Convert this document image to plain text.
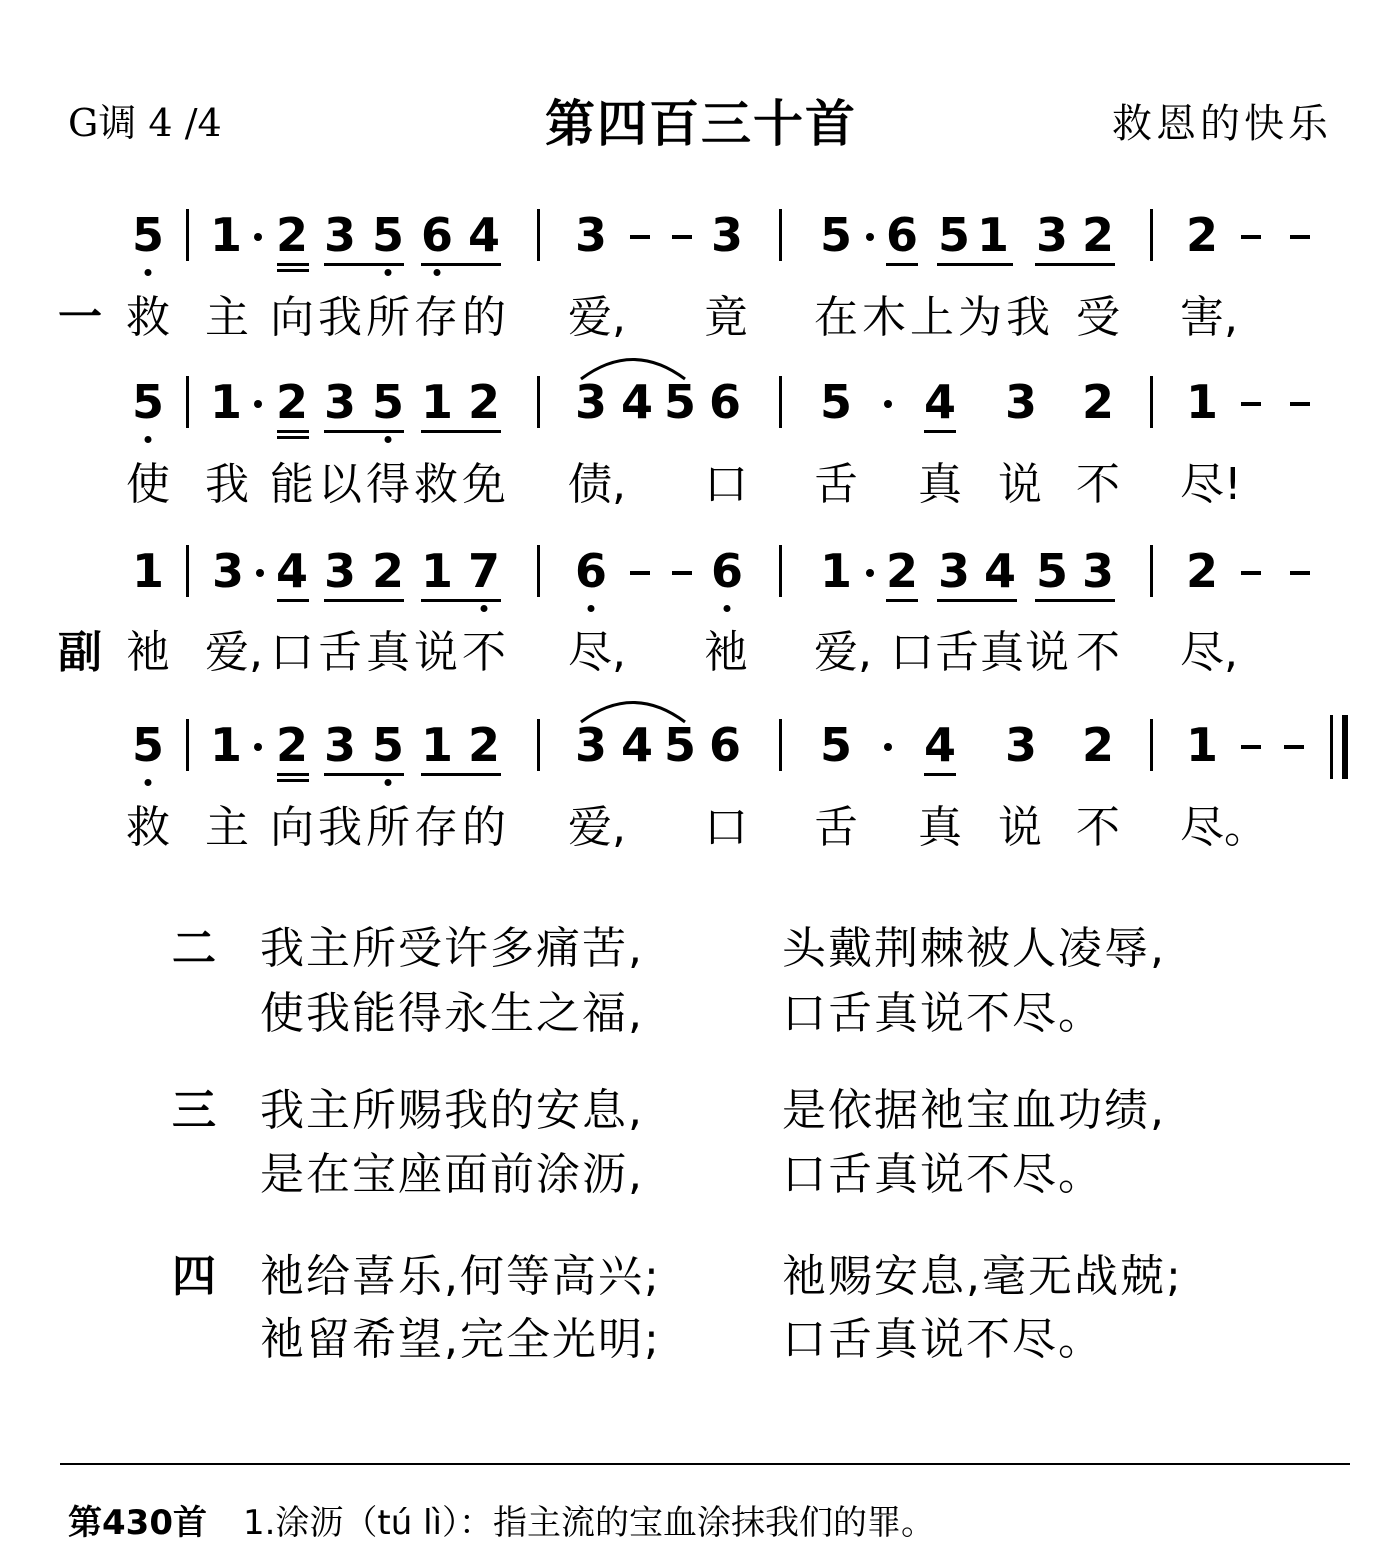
G调 4 /4	第四百三十首	救恩的快乐
5 1 2 3 5 6 4 3 3 5 6 5 1 3 2 2
一 救 主 向 我 所 存 的 爱, 竟 在 木 上 为 我 受 害,
5 1 2 3 5 1 2 3 4 5 6 5 4 3 2 1
使 我 能 以 得 救 免 债, 口 舌 真 说 不 尽!
1 3 4 3 2 1 7 6 6 1 2 3 4 5 3 2
副 衪 爱, 口 舌 真 说 不 尽, 衪 爱, 口 舌 真 说 不 尽,
5 1 2 3 5 1 2 3 4 5 6 5 4 3 2 1
救 主 向 我 所 存 的 爱, 口 舌 真 说 不 尽。
二 我主所受许多痛苦,	头戴荆棘被人凌辱,
使我能得永生之福,	口舌真说不尽。
三 我主所赐我的安息,	是依据衪宝血功绩,
是在宝座面前涂沥,	口舌真说不尽。
四 衪给喜乐,何等高兴;	衪赐安息,毫无战兢;
衪留希望,完全光明;	口舌真说不尽。
第430首 1.涂沥（tú lì）：指主流的宝血涂抹我们的罪。
